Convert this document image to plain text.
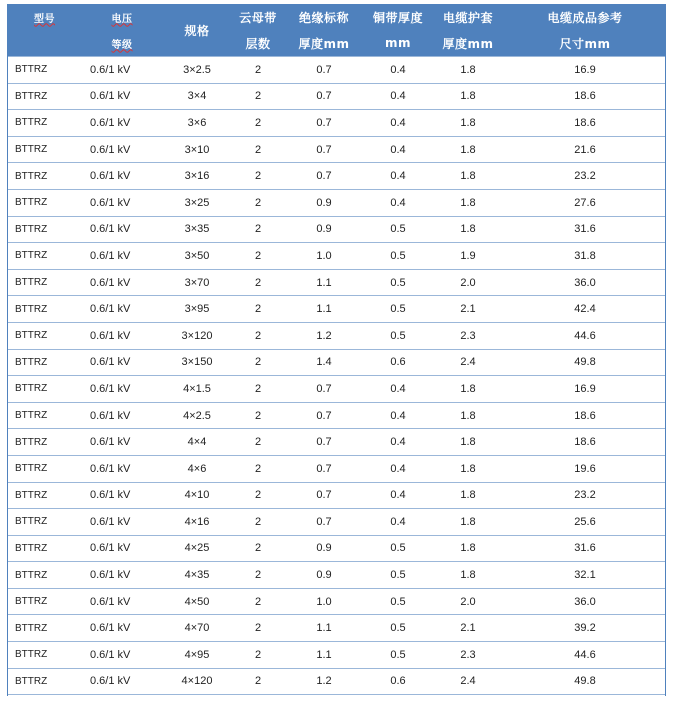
型号	电压	规格	云母带	绝缘标称	铜带厚度	电缆护套	电缆成品参考
	等级		层数	厚度mm	mm	厚度mm	尺寸mm
BTTRZ	0.6/1 kV	3×2.5	2	0.7	0.4	1.8	16.9
BTTRZ	0.6/1 kV	3×4	2	0.7	0.4	1.8	18.6
BTTRZ	0.6/1 kV	3×6	2	0.7	0.4	1.8	18.6
BTTRZ	0.6/1 kV	3×10	2	0.7	0.4	1.8	21.6
BTTRZ	0.6/1 kV	3×16	2	0.7	0.4	1.8	23.2
BTTRZ	0.6/1 kV	3×25	2	0.9	0.4	1.8	27.6
BTTRZ	0.6/1 kV	3×35	2	0.9	0.5	1.8	31.6
BTTRZ	0.6/1 kV	3×50	2	1.0	0.5	1.9	31.8
BTTRZ	0.6/1 kV	3×70	2	1.1	0.5	2.0	36.0
BTTRZ	0.6/1 kV	3×95	2	1.1	0.5	2.1	42.4
BTTRZ	0.6/1 kV	3×120	2	1.2	0.5	2.3	44.6
BTTRZ	0.6/1 kV	3×150	2	1.4	0.6	2.4	49.8
BTTRZ	0.6/1 kV	4×1.5	2	0.7	0.4	1.8	16.9
BTTRZ	0.6/1 kV	4×2.5	2	0.7	0.4	1.8	18.6
BTTRZ	0.6/1 kV	4×4	2	0.7	0.4	1.8	18.6
BTTRZ	0.6/1 kV	4×6	2	0.7	0.4	1.8	19.6
BTTRZ	0.6/1 kV	4×10	2	0.7	0.4	1.8	23.2
BTTRZ	0.6/1 kV	4×16	2	0.7	0.4	1.8	25.6
BTTRZ	0.6/1 kV	4×25	2	0.9	0.5	1.8	31.6
BTTRZ	0.6/1 kV	4×35	2	0.9	0.5	1.8	32.1
BTTRZ	0.6/1 kV	4×50	2	1.0	0.5	2.0	36.0
BTTRZ	0.6/1 kV	4×70	2	1.1	0.5	2.1	39.2
BTTRZ	0.6/1 kV	4×95	2	1.1	0.5	2.3	44.6
BTTRZ	0.6/1 kV	4×120	2	1.2	0.6	2.4	49.8
